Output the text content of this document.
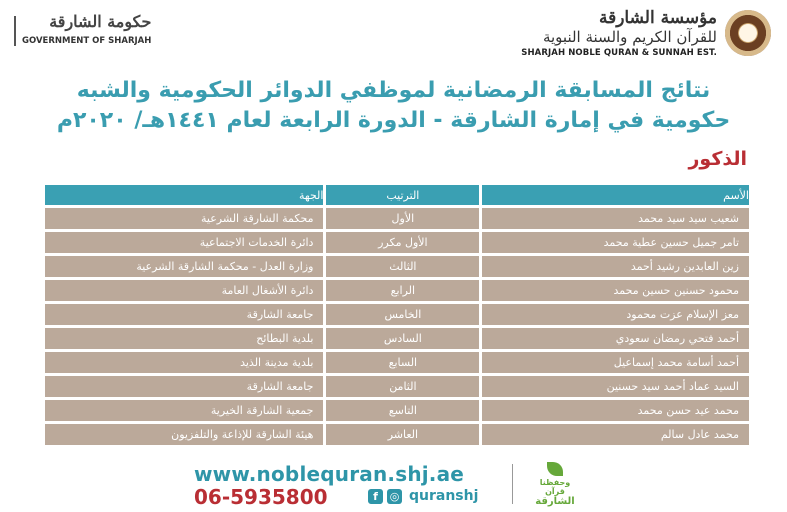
مؤسسة الشارقة
للقرآن الكريم والسنة النبوية
SHARJAH NOBLE QURAN & SUNNAH EST.
حكومة الشارقة
GOVERNMENT OF SHARJAH
نتائج المسابقة الرمضانية لموظفي الدوائر الحكومية والشبه
حكومية في إمارة الشارقة - الدورة الرابعة لعام ١٤٤١هـ/ ٢٠٢٠م
الذكور
الأسم	الترتيب	الجهة
شعيب سيد سيد محمد	الأول	محكمة الشارقة الشرعية
تامر جميل حسين عطية محمد	الأول مكرر	دائرة الخدمات الاجتماعية
زين العابدين رشيد أحمد	الثالث	وزارة العدل - محكمة الشارقة الشرعية
محمود حسنين حسين محمد	الرابع	دائرة الأشغال العامة
معز الإسلام عزت محمود	الخامس	جامعة الشارقة
أحمد فتحي رمضان سعودي	السادس	بلدية البطائح
أحمد أسامة محمد إسماعيل	السابع	بلدية مدينة الذيد
السيد عماد أحمد سيد حسنين	الثامن	جامعة الشارقة
محمد عيد حسن محمد	التاسع	جمعية الشارقة الخيرية
محمد عادل سالم	العاشر	هيئة الشارقة للإذاعة والتلفزيون
www.noblequran.shj.ae
06-5935800	f	◎ quranshj
وحفظنا قرآن
الشارقة
